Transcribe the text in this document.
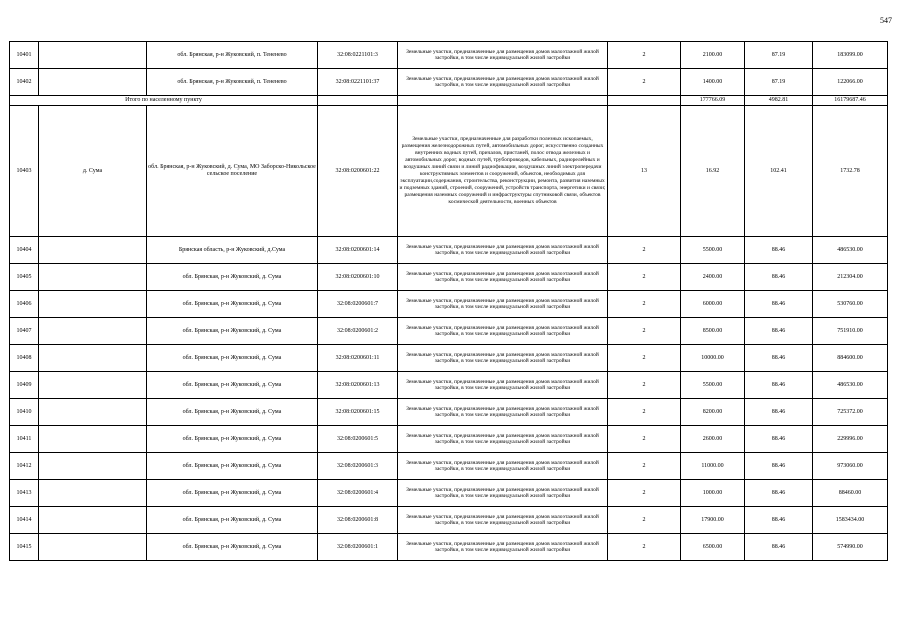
547
10401		обл. Брянская, р-н Жуковский, п. Тененево	32:08:0221101:3	Земельные участки, предназначенные для размещения домов малоэтажной жилой застройки, в том числе индивидуальной жилой застройки	2	2100.00	87.19	183099.00
10402		обл. Брянская, р-н Жуковский, п. Тененево	32:08:0221101:37	Земельные участки, предназначенные для размещения домов малоэтажной жилой застройки, в том числе индивидуальной жилой застройки	2	1400.00	87.19	122066.00
Итого по населенному пункту						177766.09	4982.81	16179687.46
10403	д. Сума	обл. Брянская, р-н Жуковский, д. Сума, МО Заборско-Никольское сельское поселение	32:08:0200601:22	Земельные участки, предназначенные для разработки полезных ископаемых, размещения железнодорожных путей, автомобильных дорог, искусственно созданных внутренних водных путей, причалов, пристаней, полос отвода железных и автомобильных дорог, водных путей, трубопроводов, кабельных, радиорелейных и воздушных линий связи и линий радиофикации, воздушных линий электропередачи конструктивных элементов и сооружений, объектов, необходимых для эксплуатации,содержания, строительства, реконструкции, ремонта, развития наземных и подземных зданий, строений, сооружений, устройств транспорта, энергетики и связи; размещения наземных сооружений и инфраструктуры спутниковой связи, объектов космической деятельности, военных объектов	13	16.92	102.41	1732.78
10404		Брянская область, р-н Жуковский, д.Сума	32:08:0200601:14	Земельные участки, предназначенные для размещения домов малоэтажной жилой застройки, в том числе индивидуальной жилой застройки	2	5500.00	88.46	486530.00
10405		обл. Брянская, р-н Жуковский, д. Сума	32:08:0200601:10	Земельные участки, предназначенные для размещения домов малоэтажной жилой застройки, в том числе индивидуальной жилой застройки	2	2400.00	88.46	212304.00
10406		обл. Брянская, р-н Жуковский, д. Сума	32:08:0200601:7	Земельные участки, предназначенные для размещения домов малоэтажной жилой застройки, в том числе индивидуальной жилой застройки	2	6000.00	88.46	530760.00
10407		обл. Брянская, р-н Жуковский, д. Сума	32:08:0200601:2	Земельные участки, предназначенные для размещения домов малоэтажной жилой застройки, в том числе индивидуальной жилой застройки	2	8500.00	88.46	751910.00
10408		обл. Брянская, р-н Жуковский, д. Сума	32:08:0200601:11	Земельные участки, предназначенные для размещения домов малоэтажной жилой застройки, в том числе индивидуальной жилой застройки	2	10000.00	88.46	884600.00
10409		обл. Брянская, р-н Жуковский, д. Сума	32:08:0200601:13	Земельные участки, предназначенные для размещения домов малоэтажной жилой застройки, в том числе индивидуальной жилой застройки	2	5500.00	88.46	486530.00
10410		обл. Брянская, р-н Жуковский, д. Сума	32:08:0200601:15	Земельные участки, предназначенные для размещения домов малоэтажной жилой застройки, в том числе индивидуальной жилой застройки	2	8200.00	88.46	725372.00
10411		обл. Брянская, р-н Жуковский, д. Сума	32:08:0200601:5	Земельные участки, предназначенные для размещения домов малоэтажной жилой застройки, в том числе индивидуальной жилой застройки	2	2600.00	88.46	229996.00
10412		обл. Брянская, р-н Жуковский, д. Сума	32:08:0200601:3	Земельные участки, предназначенные для размещения домов малоэтажной жилой застройки, в том числе индивидуальной жилой застройки	2	11000.00	88.46	973060.00
10413		обл. Брянская, р-н Жуковский, д. Сума	32:08:0200601:4	Земельные участки, предназначенные для размещения домов малоэтажной жилой застройки, в том числе индивидуальной жилой застройки	2	1000.00	88.46	88460.00
10414		обл. Брянская, р-н Жуковский, д. Сума	32:08:0200601:8	Земельные участки, предназначенные для размещения домов малоэтажной жилой застройки, в том числе индивидуальной жилой застройки	2	17900.00	88.46	1583434.00
10415		обл. Брянская, р-н Жуковский, д. Сума	32:08:0200601:1	Земельные участки, предназначенные для размещения домов малоэтажной жилой застройки, в том числе индивидуальной жилой застройки	2	6500.00	88.46	574990.00
